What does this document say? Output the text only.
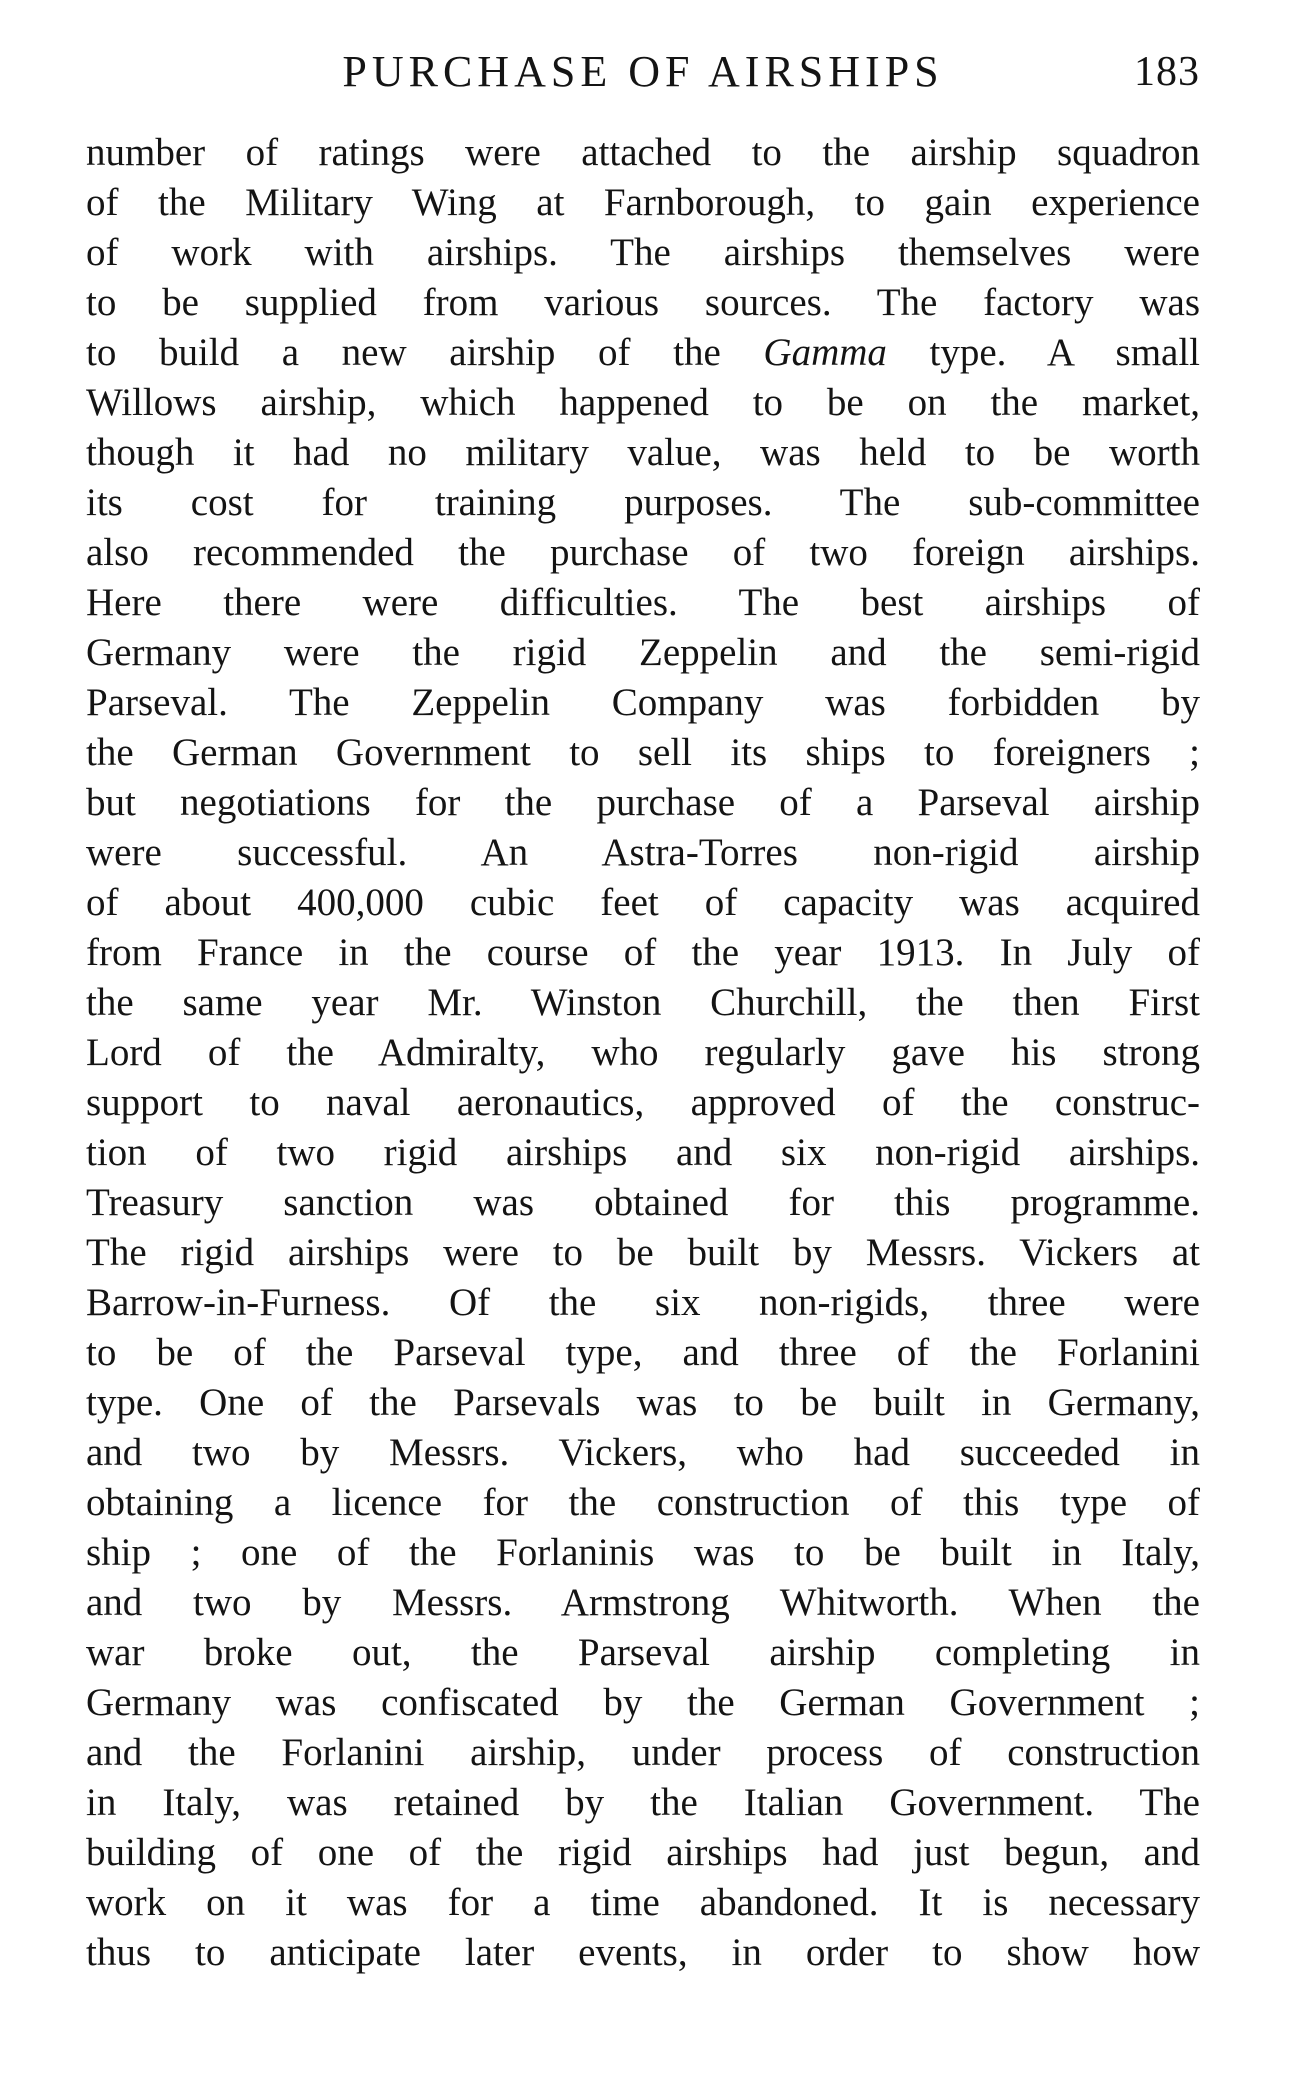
PURCHASE OF AIRSHIPS	183
number of ratings were attached to the airship squadron
of the Military Wing at Farnborough, to gain experience
of work with airships. The airships themselves were
to be supplied from various sources. The factory was
to build a new airship of the Gamma type. A small
Willows airship, which happened to be on the market,
though it had no military value, was held to be worth
its cost for training purposes. The sub-committee
also recommended the purchase of two foreign airships.
Here there were difficulties. The best airships of
Germany were the rigid Zeppelin and the semi-rigid
Parseval. The Zeppelin Company was forbidden by
the German Government to sell its ships to foreigners ;
but negotiations for the purchase of a Parseval airship
were successful. An Astra-Torres non-rigid airship
of about 400,000 cubic feet of capacity was acquired
from France in the course of the year 1913. In July of
the same year Mr. Winston Churchill, the then First
Lord of the Admiralty, who regularly gave his strong
support to naval aeronautics, approved of the construc-
tion of two rigid airships and six non-rigid airships.
Treasury sanction was obtained for this programme.
The rigid airships were to be built by Messrs. Vickers at
Barrow-in-Furness. Of the six non-rigids, three were
to be of the Parseval type, and three of the Forlanini
type. One of the Parsevals was to be built in Germany,
and two by Messrs. Vickers, who had succeeded in
obtaining a licence for the construction of this type of
ship ; one of the Forlaninis was to be built in Italy,
and two by Messrs. Armstrong Whitworth. When the
war broke out, the Parseval airship completing in
Germany was confiscated by the German Government ;
and the Forlanini airship, under process of construction
in Italy, was retained by the Italian Government. The
building of one of the rigid airships had just begun, and
work on it was for a time abandoned. It is necessary
thus to anticipate later events, in order to show how
